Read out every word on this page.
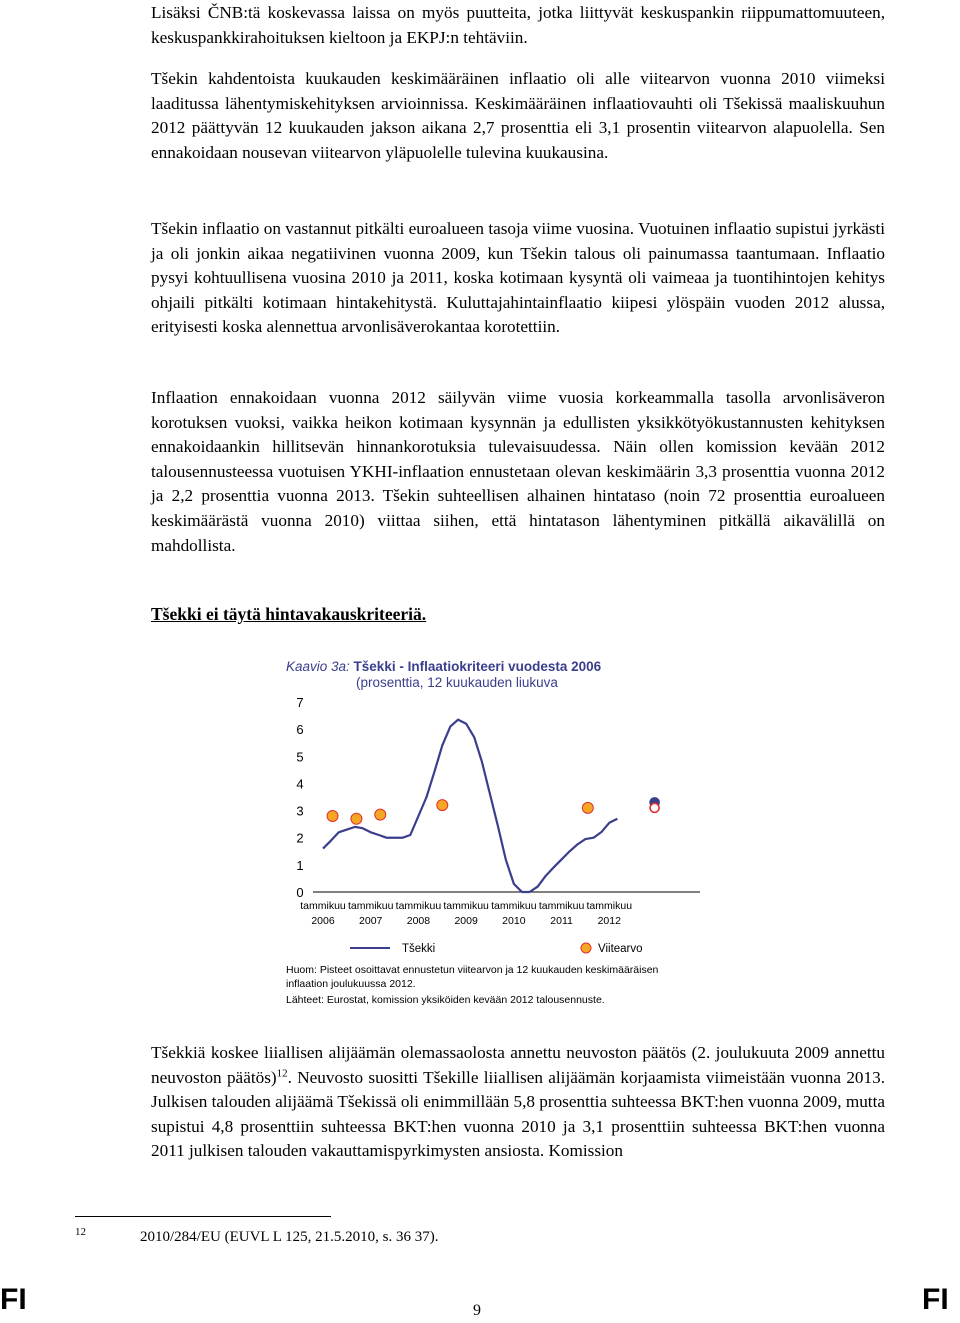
Lisäksi ČNB:tä koskevassa laissa on myös puutteita, jotka liittyvät keskuspankin riippumattomuuteen, keskuspankkirahoituksen kieltoon ja EKPJ:n tehtäviin.

Tšekin kahdentoista kuukauden keskimääräinen inflaatio oli alle viitearvon vuonna 2010 viimeksi laaditussa lähentymiskehityksen arvioinnissa. Keskimääräinen inflaatiovauhti oli Tšekissä maaliskuuhun 2012 päättyvän 12 kuukauden jakson aikana 2,7 prosenttia eli 3,1 prosentin viitearvon alapuolella. Sen ennakoidaan nousevan viitearvon yläpuolelle tulevina kuukausina.

Tšekin inflaatio on vastannut pitkälti euroalueen tasoja viime vuosina. Vuotuinen inflaatio supistui jyrkästi ja oli jonkin aikaa negatiivinen vuonna 2009, kun Tšekin talous oli painumassa taantumaan. Inflaatio pysyi kohtuullisena vuosina 2010 ja 2011, koska kotimaan kysyntä oli vaimeaa ja tuontihintojen kehitys ohjaili pitkälti kotimaan hintakehitystä. Kuluttajahintainflaatio kiipesi ylöspäin vuoden 2012 alussa, erityisesti koska alennettua arvonlisäverokantaa korotettiin.

Inflaation ennakoidaan vuonna 2012 säilyvän viime vuosia korkeammalla tasolla arvonlisäveron korotuksen vuoksi, vaikka heikon kotimaan kysynnän ja edullisten yksikkötyökustannusten kehityksen ennakoidaankin hillitsevän hinnankorotuksia tulevaisuudessa. Näin ollen komission kevään 2012 talousennusteessa vuotuisen YKHI-inflaation ennustetaan olevan keskimäärin 3,3 prosenttia vuonna 2012 ja 2,2 prosenttia vuonna 2013. Tšekin suhteellisen alhainen hintataso (noin 72 prosenttia euroalueen keskimäärästä vuonna 2010) viittaa siihen, että hintatason lähentyminen pitkällä aikavälillä on mahdollista.

Tšekki ei täytä hintavakauskriteeriä.

Kaavio 3a: Tšekki - Inflaatiokriteeri vuodesta 2006
(prosenttia, 12 kuukauden liukuva
0
1
2
3
4
5
6
7
tammikuu
2006
tammikuu
2007
tammikuu
2008
tammikuu
2009
tammikuu
2010
tammikuu
2011
tammikuu
2012
Tšekki	Viitearvo
Huom: Pisteet osoittavat ennustetun viitearvon ja 12 kuukauden keskimääräisen inflaation joulukuussa 2012.
Lähteet: Eurostat, komission yksiköiden kevään 2012 talousennuste.

Tšekkiä koskee liiallisen alijäämän olemassaolosta annettu neuvoston päätös (2. joulukuuta 2009 annettu neuvoston päätös)$^{12}$. Neuvosto suositti Tšekille liiallisen alijäämän korjaamista viimeistään vuonna 2013. Julkisen talouden alijäämä Tšekissä oli enimmillään 5,8 prosenttia suhteessa BKT:hen vuonna 2009, mutta supistui 4,8 prosenttiin suhteessa BKT:hen vuonna 2010 ja 3,1 prosenttiin suhteessa BKT:hen vuonna 2011 julkisen talouden vakauttamispyrkimysten ansiosta. Komission

12	2010/284/EU (EUVL L 125, 21.5.2010, s. 36 37).
FI	FI
9
